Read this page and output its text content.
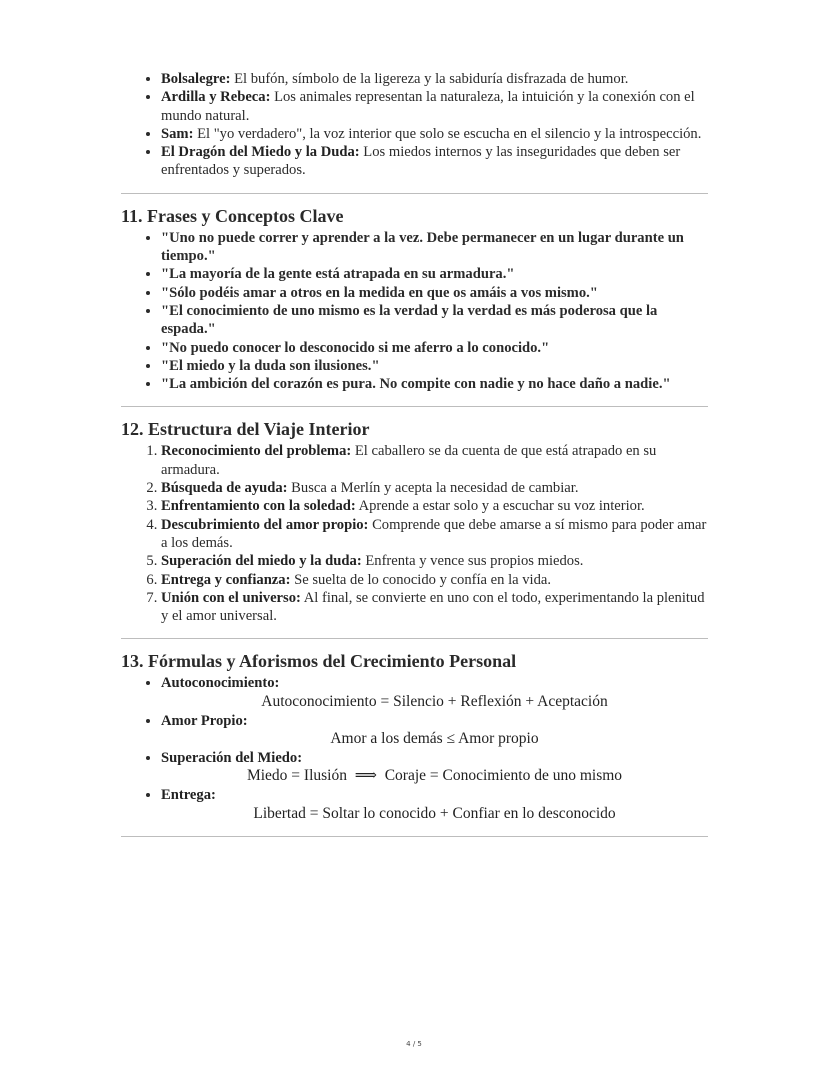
• Bolsalegre: El bufón, símbolo de la ligereza y la sabiduría disfrazada de humor.
• Ardilla y Rebeca: Los animales representan la naturaleza, la intuición y la conexión con el mundo natural.
• Sam: El "yo verdadero", la voz interior que solo se escucha en el silencio y la introspección.
• El Dragón del Miedo y la Duda: Los miedos internos y las inseguridades que deben ser enfrentados y superados.
11. Frases y Conceptos Clave
• "Uno no puede correr y aprender a la vez. Debe permanecer en un lugar durante un tiempo."
• "La mayoría de la gente está atrapada en su armadura."
• "Sólo podéis amar a otros en la medida en que os amáis a vos mismo."
• "El conocimiento de uno mismo es la verdad y la verdad es más poderosa que la espada."
• "No puedo conocer lo desconocido si me aferro a lo conocido."
• "El miedo y la duda son ilusiones."
• "La ambición del corazón es pura. No compite con nadie y no hace daño a nadie."
12. Estructura del Viaje Interior
1. Reconocimiento del problema: El caballero se da cuenta de que está atrapado en su armadura.
2. Búsqueda de ayuda: Busca a Merlín y acepta la necesidad de cambiar.
3. Enfrentamiento con la soledad: Aprende a estar solo y a escuchar su voz interior.
4. Descubrimiento del amor propio: Comprende que debe amarse a sí mismo para poder amar a los demás.
5. Superación del miedo y la duda: Enfrenta y vence sus propios miedos.
6. Entrega y confianza: Se suelta de lo conocido y confía en la vida.
7. Unión con el universo: Al final, se convierte en uno con el todo, experimentando la plenitud y el amor universal.
13. Fórmulas y Aforismos del Crecimiento Personal
• Autoconocimiento:
Autoconocimiento = Silencio + Reflexión + Aceptación
• Amor Propio:
Amor a los demás ≤ Amor propio
• Superación del Miedo:
Miedo = Ilusión  ⟹  Coraje = Conocimiento de uno mismo
• Entrega:
Libertad = Soltar lo conocido + Confiar en lo desconocido
4 / 5
